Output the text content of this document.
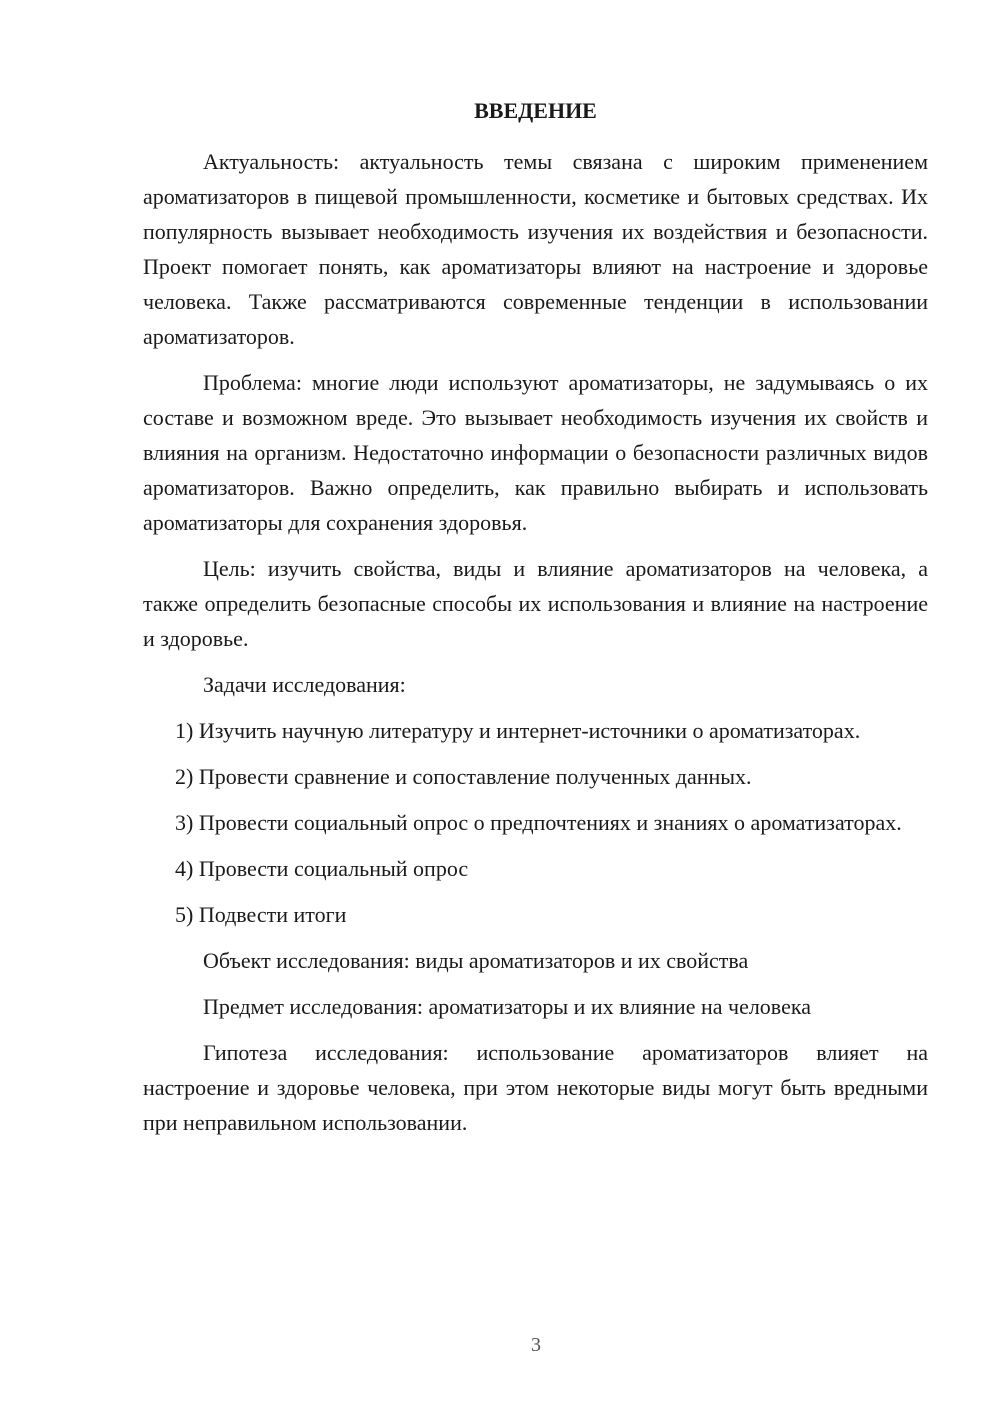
ВВЕДЕНИЕ

Актуальность: актуальность темы связана с широким применением ароматизаторов в пищевой промышленности, косметике и бытовых средствах. Их популярность вызывает необходимость изучения их воздействия и безопасности. Проект помогает понять, как ароматизаторы влияют на настроение и здоровье человека. Также рассматриваются современные тенденции в использовании ароматизаторов.

Проблема: многие люди используют ароматизаторы, не задумываясь о их составе и возможном вреде. Это вызывает необходимость изучения их свойств и влияния на организм. Недостаточно информации о безопасности различных видов ароматизаторов. Важно определить, как правильно выбирать и использовать ароматизаторы для сохранения здоровья.

Цель: изучить свойства, виды и влияние ароматизаторов на человека, а также определить безопасные способы их использования и влияние на настроение и здоровье.

Задачи исследования:

1) Изучить научную литературу и интернет-источники о ароматизаторах.

2) Провести сравнение и сопоставление полученных данных.

3) Провести социальный опрос о предпочтениях и знаниях о ароматизаторах.

4) Провести социальный опрос

5) Подвести итоги

Объект исследования: виды ароматизаторов и их свойства

Предмет исследования: ароматизаторы и их влияние на человека

Гипотеза исследования: использование ароматизаторов влияет на настроение и здоровье человека, при этом некоторые виды могут быть вредными при неправильном использовании.

3
